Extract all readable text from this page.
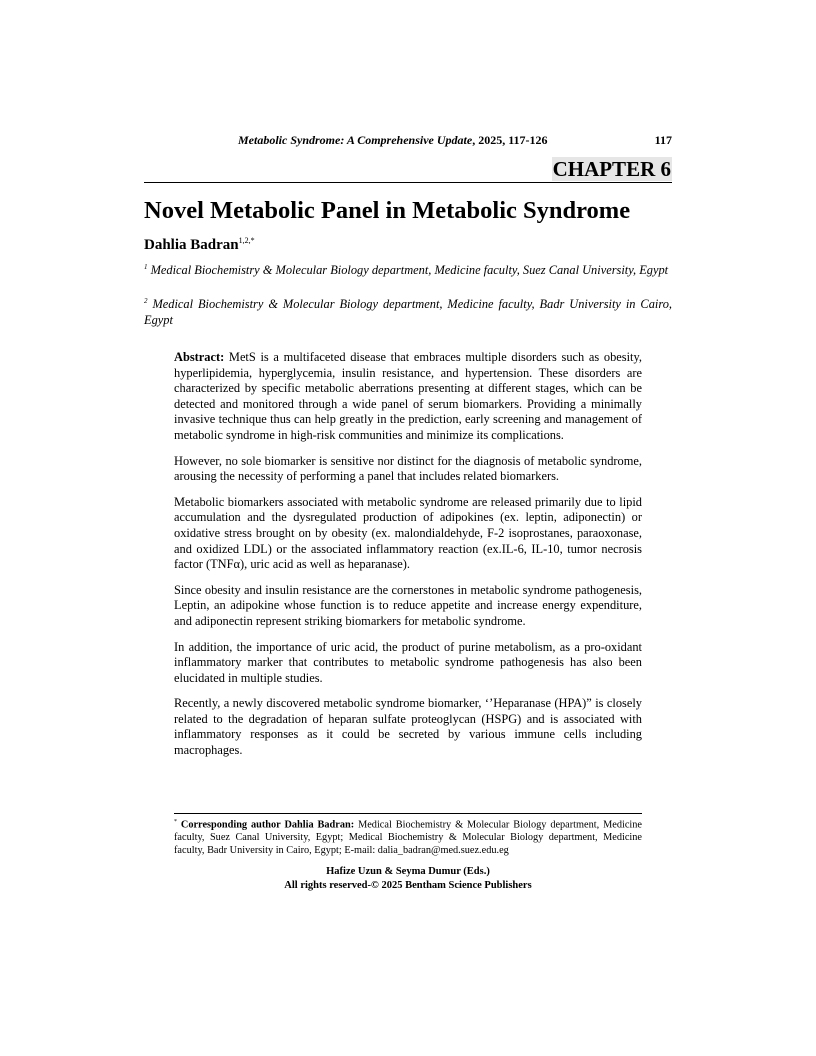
Metabolic Syndrome: A Comprehensive Update, 2025, 117-126	117
CHAPTER 6
Novel Metabolic Panel in Metabolic Syndrome
Dahlia Badran$^{1,2,*}$
$^1$ Medical Biochemistry & Molecular Biology department, Medicine faculty, Suez Canal University, Egypt
$^2$ Medical Biochemistry & Molecular Biology department, Medicine faculty, Badr University in Cairo, Egypt

Abstract: MetS is a multifaceted disease that embraces multiple disorders such as obesity, hyperlipidemia, hyperglycemia, insulin resistance, and hypertension. These disorders are characterized by specific metabolic aberrations presenting at different stages, which can be detected and monitored through a wide panel of serum biomarkers. Providing a minimally invasive technique thus can help greatly in the prediction, early screening and management of metabolic syndrome in high-risk communities and minimize its complications.

However, no sole biomarker is sensitive nor distinct for the diagnosis of metabolic syndrome, arousing the necessity of performing a panel that includes related biomarkers.

Metabolic biomarkers associated with metabolic syndrome are released primarily due to lipid accumulation and the dysregulated production of adipokines (ex. leptin, adiponectin) or oxidative stress brought on by obesity (ex. malondialdehyde, F-2 isoprostanes, paraoxonase, and oxidized LDL) or the associated inflammatory reaction (ex.IL-6, IL-10, tumor necrosis factor (TNFα), uric acid as well as heparanase).

Since obesity and insulin resistance are the cornerstones in metabolic syndrome pathogenesis, Leptin, an adipokine whose function is to reduce appetite and increase energy expenditure, and adiponectin represent striking biomarkers for metabolic syndrome.

In addition, the importance of uric acid, the product of purine metabolism, as a pro-oxidant inflammatory marker that contributes to metabolic syndrome pathogenesis has also been elucidated in multiple studies.

Recently, a newly discovered metabolic syndrome biomarker, ‘’Heparanase (HPA)” is closely related to the degradation of heparan sulfate proteoglycan (HSPG) and is associated with inflammatory responses as it could be secreted by various immune cells including macrophages.

* Corresponding author Dahlia Badran: Medical Biochemistry & Molecular Biology department, Medicine faculty, Suez Canal University, Egypt; Medical Biochemistry & Molecular Biology department, Medicine faculty, Badr University in Cairo, Egypt; E-mail: dalia_badran@med.suez.edu.eg
Hafize Uzun & Seyma Dumur (Eds.)
All rights reserved-© 2025 Bentham Science Publishers
